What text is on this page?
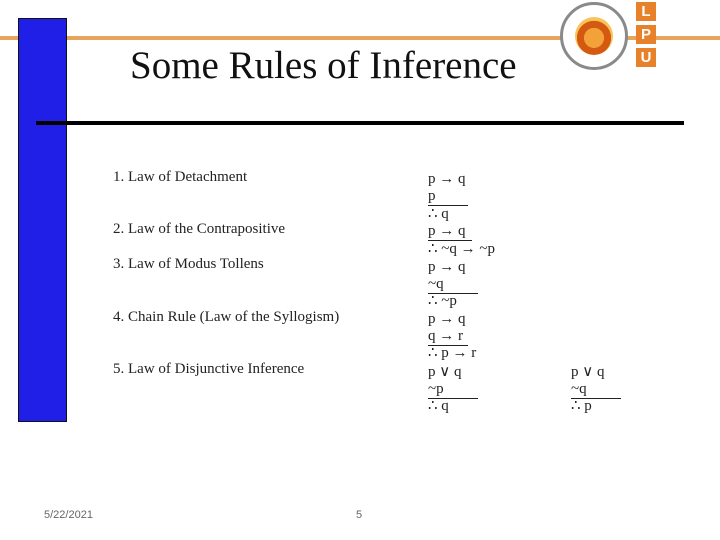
L
P
U
Some Rules of Inference
1. Law of Detachment	p → q
p
∴ q
2. Law of the Contrapositive	p → q
∴ ~q → ~p
3. Law of Modus Tollens	p → q
~q
∴ ~p
4. Chain Rule (Law of the Syllogism)	p → q
q → r
∴ p → r
5. Law of Disjunctive Inference	p ∨ q
~p
∴ q
p ∨ q
~q
∴ p
5/22/2021	5
